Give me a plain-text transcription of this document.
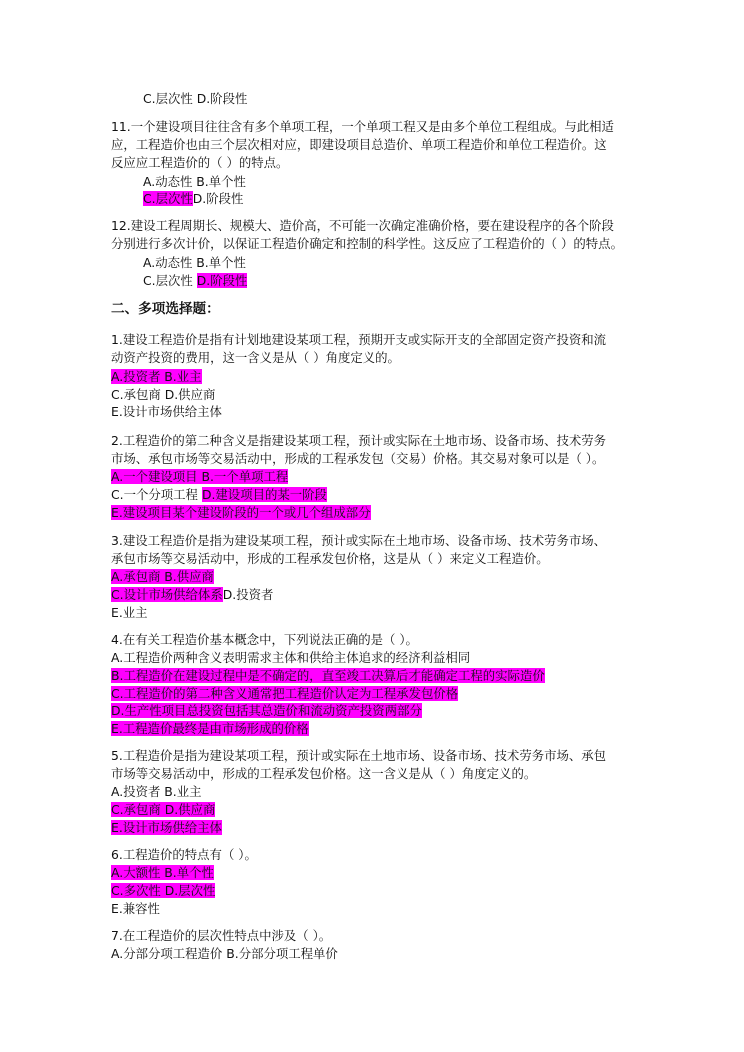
C.层次性 D.阶段性
11.一个建设项目往往含有多个单项工程，一个单项工程又是由多个单位工程组成。与此相适
应，工程造价也由三个层次相对应，即建设项目总造价、单项工程造价和单位工程造价。这
反应应工程造价的（ ）的特点。
A.动态性 B.单个性
C.层次性D.阶段性
12.建设工程周期长、规模大、造价高，不可能一次确定准确价格，要在建设程序的各个阶段
分别进行多次计价，以保证工程造价确定和控制的科学性。这反应了工程造价的（ ）的特点。
A.动态性 B.单个性
C.层次性 D.阶段性
二、多项选择题：
1.建设工程造价是指有计划地建设某项工程，预期开支或实际开支的全部固定资产投资和流
动资产投资的费用，这一含义是从（ ）角度定义的。
A.投资者 B.业主
C.承包商 D.供应商
E.设计市场供给主体
2.工程造价的第二种含义是指建设某项工程，预计或实际在土地市场、设备市场、技术劳务
市场、承包市场等交易活动中，形成的工程承发包（交易）价格。其交易对象可以是（ ）。
A.一个建设项目 B.一个单项工程
C.一个分项工程 D.建设项目的某一阶段
E.建设项目某个建设阶段的一个或几个组成部分
3.建设工程造价是指为建设某项工程，预计或实际在土地市场、设备市场、技术劳务市场、
承包市场等交易活动中，形成的工程承发包价格，这是从（ ）来定义工程造价。
A.承包商 B.供应商
C.设计市场供给体系D.投资者
E.业主
4.在有关工程造价基本概念中，下列说法正确的是（ ）。
A.工程造价两种含义表明需求主体和供给主体追求的经济利益相同
B.工程造价在建设过程中是不确定的，直至竣工决算后才能确定工程的实际造价
C.工程造价的第二种含义通常把工程造价认定为工程承发包价格
D.生产性项目总投资包括其总造价和流动资产投资两部分
E.工程造价最终是由市场形成的价格
5.工程造价是指为建设某项工程，预计或实际在土地市场、设备市场、技术劳务市场、承包
市场等交易活动中，形成的工程承发包价格。这一含义是从（ ）角度定义的。
A.投资者 B.业主
C.承包商 D.供应商
E.设计市场供给主体
6.工程造价的特点有（ ）。
A.大额性 B.单个性
C.多次性 D.层次性
E.兼容性
7.在工程造价的层次性特点中涉及（ ）。
A.分部分项工程造价 B.分部分项工程单价
